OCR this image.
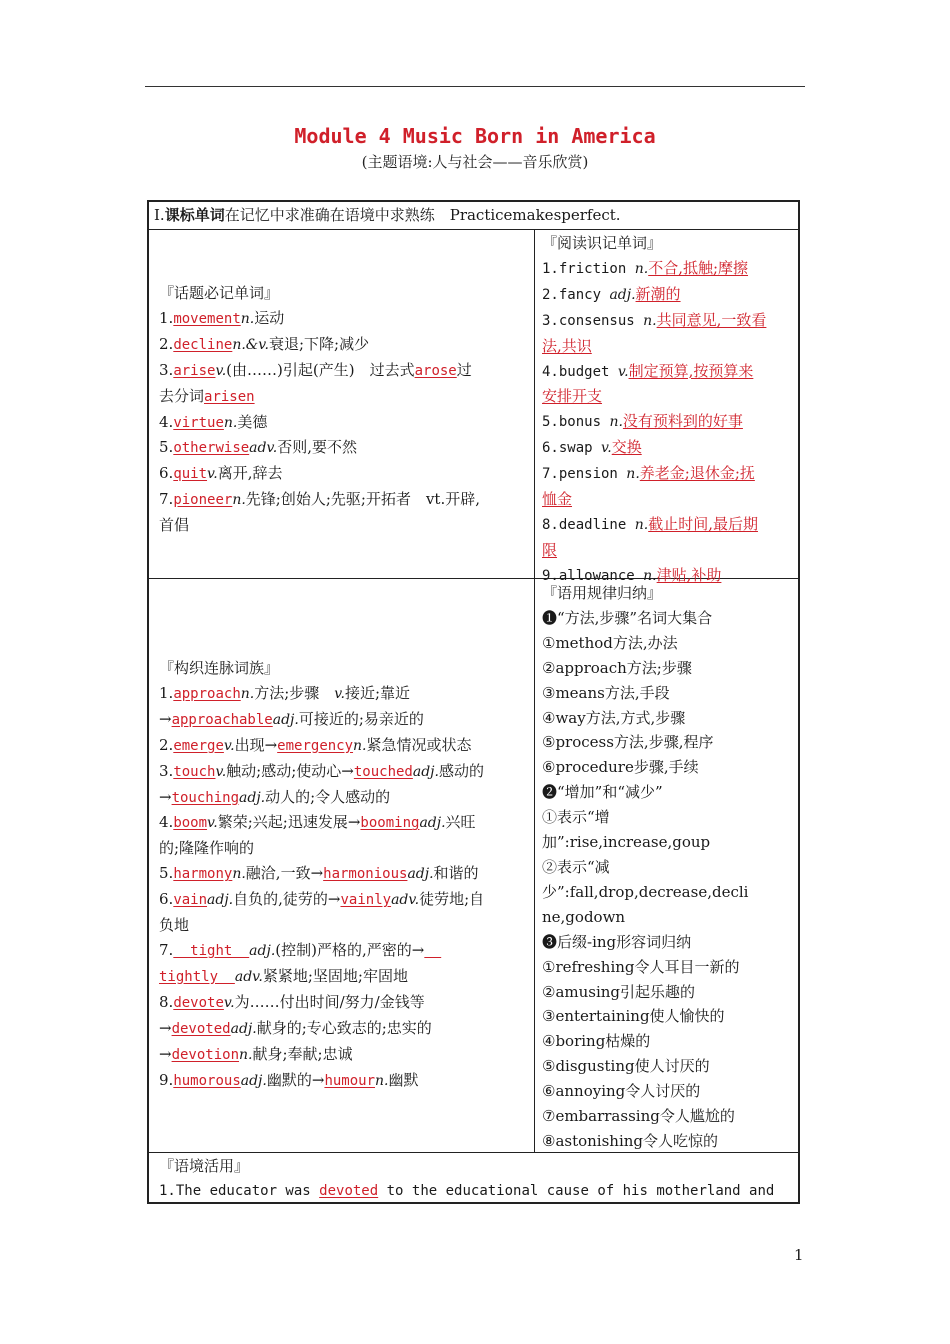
Module 4 Music Born in America
(主题语境:人与社会——音乐欣赏)
Ⅰ.课标单词在记忆中求准确在语境中求熟练　Practicemakesperfect.
『话题必记单词』
1.movementn.运动
2.declinen.&v.衰退;下降;减少
3.arisev.(由……)引起(产生)　过去式arose过
去分词arisen
4.virtuen.美德
5.otherwiseadv.否则,要不然
6.quitv.离开,辞去
7.pioneern.先锋;创始人;先驱;开拓者　vt.开辟,
首倡
『阅读识记单词』
1.friction n.不合,抵触;摩擦
2.fancy adj.新潮的
3.consensus n.共同意见,一致看
法,共识
4.budget v.制定预算,按预算来
安排开支
5.bonus n.没有预料到的好事
6.swap v.交换
7.pension n.养老金;退休金;抚
恤金
8.deadline n.截止时间,最后期
限
9.allowance n.津贴,补助
『构织连脉词族』
1.approachn.方法;步骤　v.接近;靠近
→approachableadj.可接近的;易亲近的
2.emergev.出现→emergencyn.紧急情况或状态
3.touchv.触动;感动;使动心→touchedadj.感动的
→touchingadj.动人的;令人感动的
4.boomv.繁荣;兴起;迅速发展→boomingadj.兴旺
的;隆隆作响的
5.harmonyn.融洽,一致→harmoniousadj.和谐的
6.vainadj.自负的,徒劳的→vainlyadv.徒劳地;自
负地
7.  tight  adj.(控制)严格的,严密的→
tightly  adv.紧紧地;坚固地;牢固地
8.devotev.为……付出时间/努力/金钱等
→devotedadj.献身的;专心致志的;忠实的
→devotionn.献身;奉献;忠诚
9.humorousadj.幽默的→humourn.幽默
『语用规律归纳』
❶“方法,步骤”名词大集合
①method方法,办法
②approach方法;步骤
③means方法,手段
④way方法,方式,步骤
⑤process方法,步骤,程序
⑥procedure步骤,手续
❷“增加”和“减少”
①表示“增
加”:rise,increase,goup
②表示“减
少”:fall,drop,decrease,decli
ne,godown
❸后缀-ing形容词归纳
①refreshing令人耳目一新的
②amusing引起乐趣的
③entertaining使人愉快的
④boring枯燥的
⑤disgusting使人讨厌的
⑥annoying令人讨厌的
⑦embarrassing令人尴尬的
⑧astonishing令人吃惊的
『语境活用』
1.The educator was devoted to the educational cause of his motherland and
1
